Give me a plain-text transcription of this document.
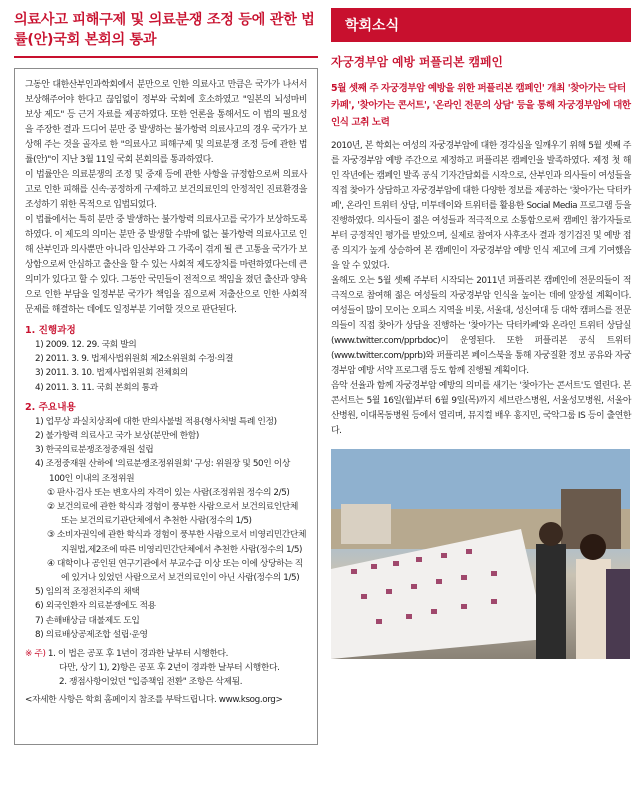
의료사고 피해구제 및 의료분쟁 조정 등에 관한 법률(안)국회 본회의 통과

그동안 대한산부인과학회에서 분만으로 인한 의료사고 만큼은 국가가 나서서 보상해주어야 한다고 끊임없이 정부와 국회에 호소하였고 "일본의 뇌성마비 보상 제도" 등 근거 자료를 제공하였다. 또한 언론을 통해서도 이 법의 필요성을 주장한 결과 드디어 분만 중 발생하는 불가항력 의료사고의 경우 국가가 보상해 주는 것을 골자로 한 "의료사고 피해구제 및 의료분쟁 조정 등에 관한 법률(안)"이 지난 3월 11일 국회 본회의를 통과하였다.

이 법률안은 의료분쟁의 조정 및 중재 등에 관한 사항을 규정함으로써 의료사고로 인한 피해를 신속·공정하게 구제하고 보건의료인의 안정적인 진료환경을 조성하기 위한 목적으로 입법되었다.

이 법률에서는 특히 분만 중 발생하는 불가항력 의료사고를 국가가 보상하도록 하였다. 이 제도의 의미는 분만 중 발생할 수밖에 없는 불가항력 의료사고로 인해 산부인과 의사뿐만 아니라 임산부와 그 가족이 겪게 될 큰 고통을 국가가 보상함으로써 안심하고 출산을 할 수 있는 사회적 제도장치를 마련하였다는데 큰 의미가 있다고 할 수 있다. 그동안 국민들이 전적으로 책임을 졌던 출산과 양육으로 인한 부담을 일정부분 국가가 책임을 짐으로써 저출산으로 인한 사회적 문제를 해결하는 데에도 일정부분 기여할 것으로 판단된다.

1. 진행과정
1) 2009. 12. 29. 국회 발의
2) 2011. 3. 9. 법제사법위원회 제2소위원회 수정·의결
3) 2011. 3. 10. 법제사법위원회 전체회의
4) 2011. 3. 11. 국회 본회의 통과
2. 주요내용
1) 업무상 과실치상죄에 대한 반의사불벌 적용(형사처벌 특례 인정)
2) 불가항력 의료사고 국가 보상(분만에 한함)
3) 한국의료분쟁조정중재원 설립
4) 조정중재원 산하에 '의료분쟁조정위원회' 구성: 위원장 및 50인 이상 100인 이내의 조정위원
① 판사·검사 또는 변호사의 자격이 있는 사람(조정위원 정수의 2/5)
② 보건의료에 관한 학식과 경험이 풍부한 사람으로서 보건의료인단체 또는 보건의료기관단체에서 추천한 사람(정수의 1/5)
③ 소비자권익에 관한 학식과 경험이 풍부한 사람으로서 비영리민간단체 지원법,제2조에 따른 비영리민간단체에서 추천한 사람(정수의 1/5)
④ 대학이나 공인된 연구기관에서 부교수급 이상 또는 이에 상당하는 직에 있거나 있었던 사람으로서 보건의료인이 아닌 사람(정수의 1/5)
5) 임의적 조정전치주의 채택
6) 외국인환자 의료분쟁에도 적용
7) 손해배상금 대불제도 도입
8) 의료배상공제조합 설립·운영
※ 주) 1. 이 법은 공포 후 1년이 경과한 날부터 시행한다.
다만, 상기 1), 2)항은 공포 후 2년이 경과한 날부터 시행한다.
2. 쟁점사항이었던 "입증책임 전환" 조항은 삭제됨.
<자세한 사항은 학회 홈페이지 참조를 부탁드립니다. www.ksog.org>
학회소식
자궁경부암 예방 퍼플리본 캠페인
5월 셋째 주 자궁경부암 예방을 위한 퍼플리본 캠페인' 개최 '찾아가는 닥터카페', '찾아가는 콘서트', '온라인 전문의 상담' 등을 통해 자궁경부암에 대한 인식 고취 노력

2010년, 본 학회는 여성의 자궁경부암에 대한 경각심을 일깨우기 위해 5월 셋째 주를 자궁경부암 예방 주간으로 제정하고 퍼플리본 캠페인을 발족하였다. 제정 첫 해인 작년에는 캠페인 발족 공식 기자간담회를 시작으로, 산부인과 의사들이 여성들을 직접 찾아가 상담하고 자궁경부암에 대한 다양한 정보를 제공하는 '찾아가는 닥터카페', 온라인 트위터 상담, 미투데이와 트위터를 활용한 Social Media 프로그램 등을 진행하였다. 의사들이 젊은 여성들과 적극적으로 소통함으로써 캠페인 참가자들로부터 긍정적인 평가를 받았으며, 실제로 참여자 사후조사 결과 정기검진 및 예방 접종 의지가 높게 상승하여 본 캠페인이 자궁경부암 예방 인식 제고에 크게 기여했음을 알 수 있었다.

올해도 오는 5월 셋째 주부터 시작되는 2011년 퍼플리본 캠페인에 전문의들이 적극적으로 참여해 젊은 여성들의 자궁경부암 인식을 높이는 데에 앞장설 계획이다. 여성들이 많이 모이는 오피스 지역을 비롯, 서울대, 성신여대 등 대학 캠퍼스를 전문의들이 직접 찾아가 상담을 진행하는 '찾아가는 닥터카페'와 온라인 트위터 상담실(www.twitter.com/pprbdoc)이 운영된다. 또한 퍼플리본 공식 트위터(www.twitter.com/pprb)와 퍼플리본 페이스북을 통해 자궁질환 정보 공유와 자궁경부암 예방 서약 프로그램 등도 함께 진행될 계획이다.

음악 선율과 함께 자궁경부암 예방의 의미를 새기는 '찾아가는 콘서트'도 열린다. 본 콘서트는 5월 16일(월)부터 6월 9일(목)까지 세브란스병원, 서울성모병원, 서울아산병원, 이대목동병원 등에서 열리며, 뮤지컬 배우 홍지민, 국악그룹 IS 등이 출연한다.
